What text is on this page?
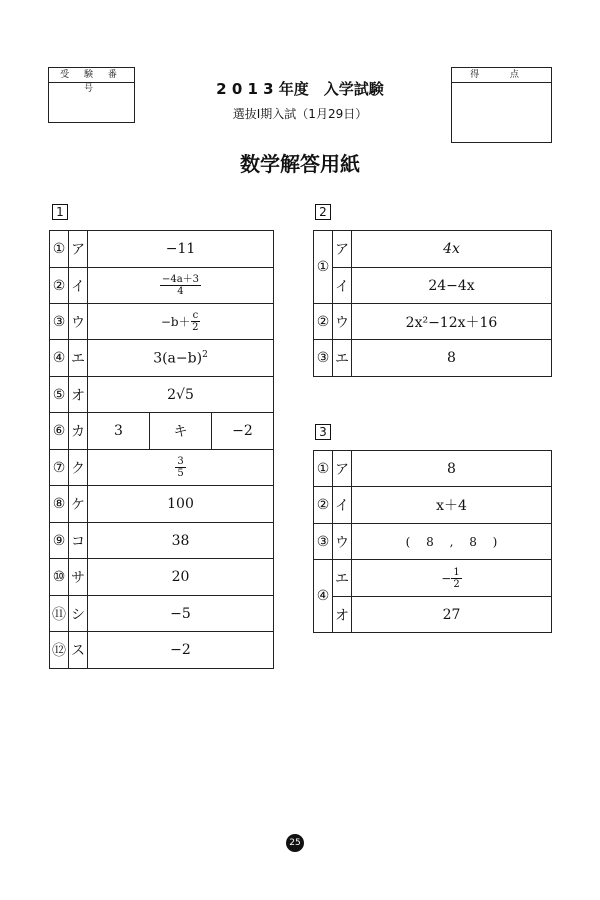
受 験 番 号
得 点
2 0 1 3 年度　入学試験
選抜Ⅰ期入試（1月29日）
数学解答用紙
1
①	ア	−11		
②	イ	$\frac{-4a+3}{4}$

③	ウ	$-b+ \frac{c}{2}$

④	エ	$3(a-b)^2$
⑤	オ	2√5		
⑥	カ	3	キ	−2
⑦	ク	$\frac{3}{5}$

⑧	ケ	100		
⑨	コ	38		
⑩	サ	20		
⑪	シ	−5		
⑫	ス	−2		
2
①	ア	4x
	イ	24−4x
②	ウ	2x²−12x＋16
③	エ	8
3
①	ア	8
②	イ	x＋4
③	ウ	(　 8　 ,　 8　 )
④	エ	− $\frac{1}{2}$

	オ	27
25
